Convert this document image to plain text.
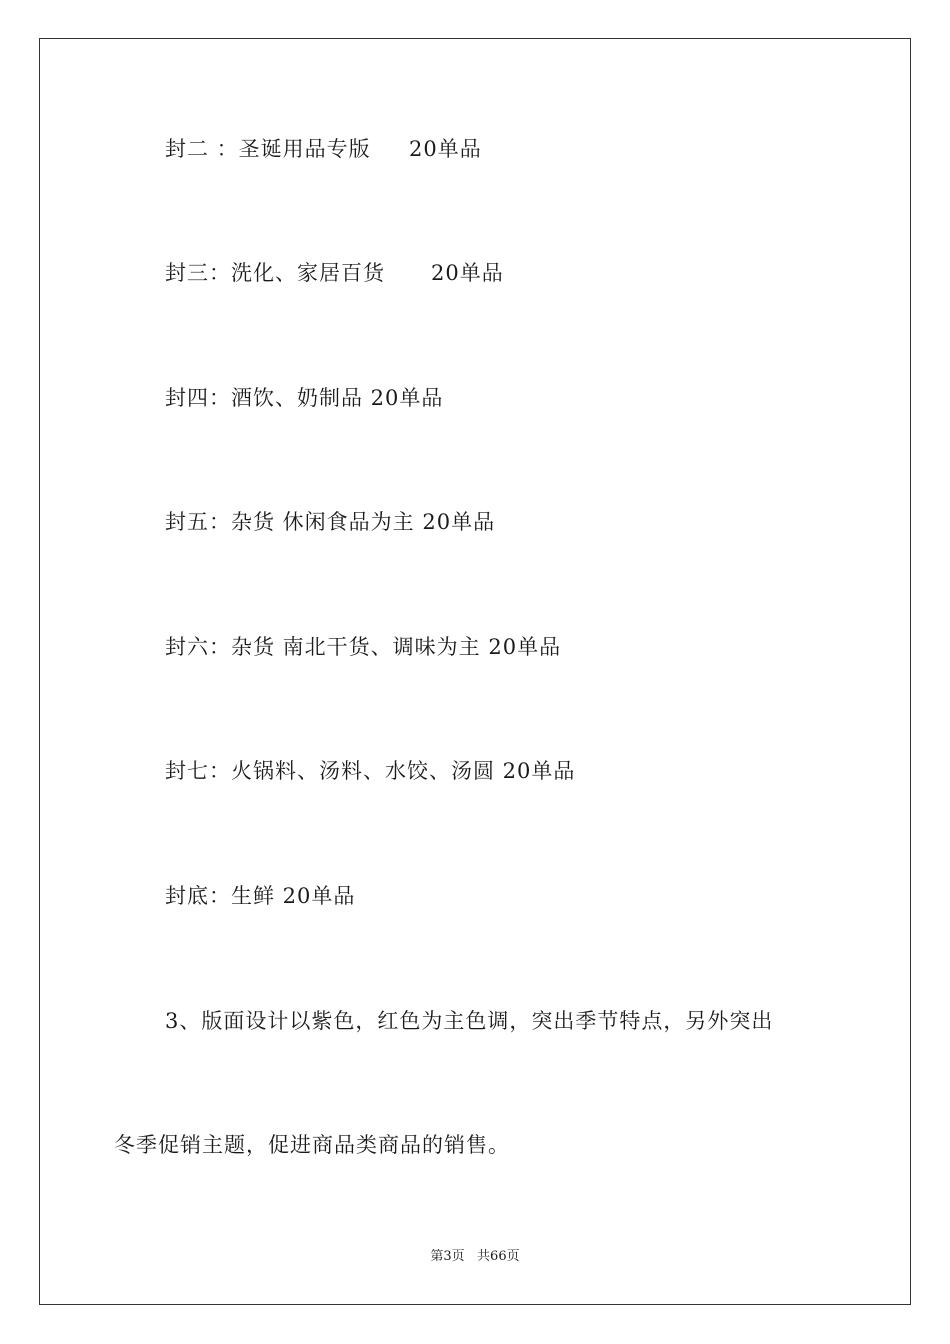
封二 ：圣诞用品专版     20单品
封三：洗化、家居百货      20单品
封四：酒饮、奶制品 20单品
封五：杂货 休闲食品为主 20单品
封六：杂货 南北干货、调味为主 20单品
封七：火锅料、汤料、水饺、汤圆 20单品
封底：生鲜 20单品
3、版面设计以紫色，红色为主色调，突出季节特点，另外突出
冬季促销主题，促进商品类商品的销售。
第3页   共66页
